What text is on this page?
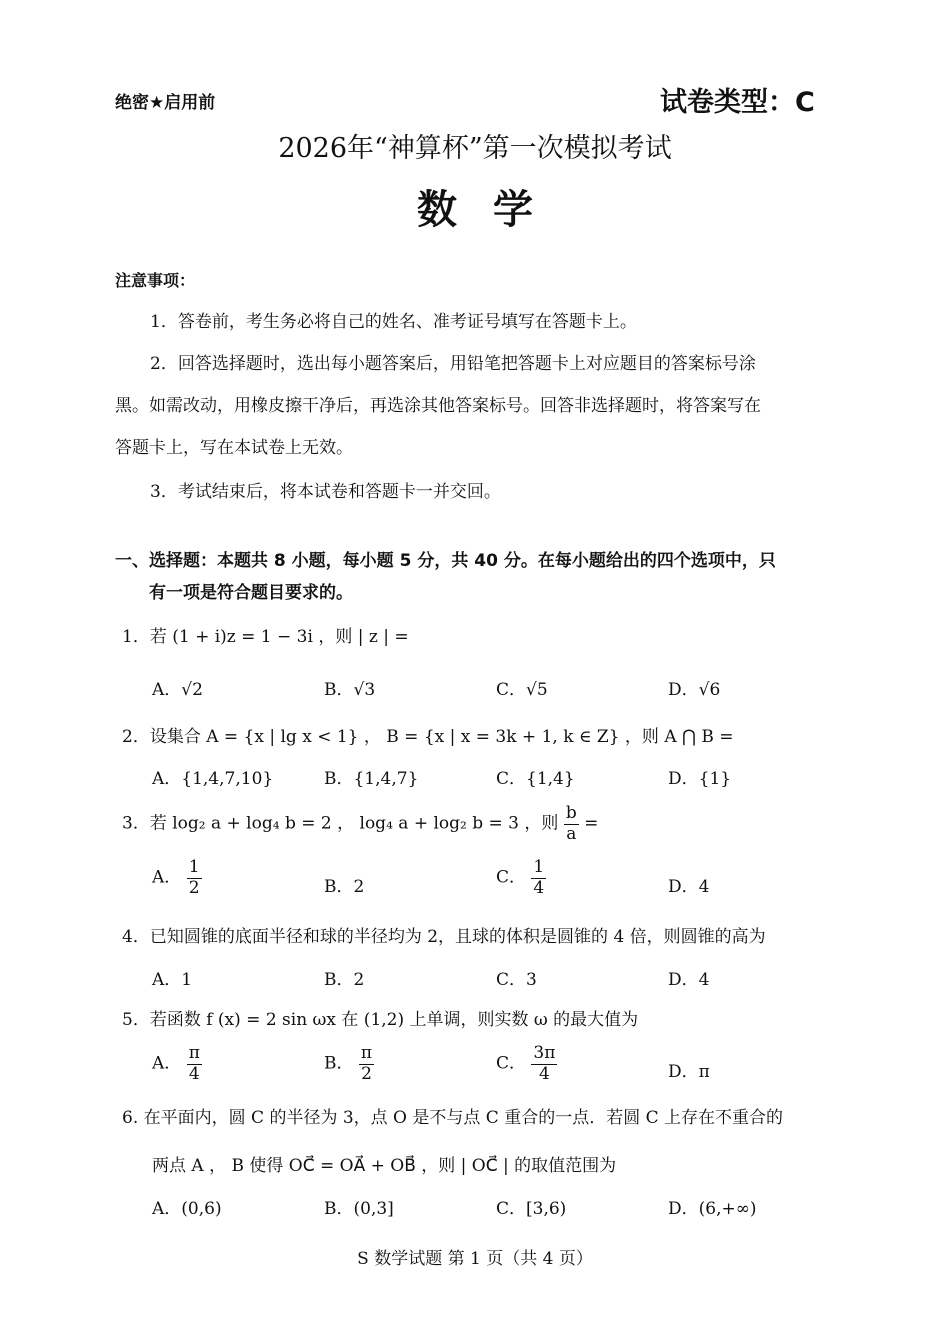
绝密★启用前	试卷类型：C
2026年“神算杯”第一次模拟考试
数学
注意事项：
1．答卷前，考生务必将自己的姓名、准考证号填写在答题卡上。
2．回答选择题时，选出每小题答案后，用铅笔把答题卡上对应题目的答案标号涂
黑。如需改动，用橡皮擦干净后，再选涂其他答案标号。回答非选择题时，将答案写在
答题卡上，写在本试卷上无效。
3．考试结束后，将本试卷和答题卡一并交回。
一、选择题：本题共 8 小题，每小题 5 分，共 40 分。在每小题给出的四个选项中，只
有一项是符合题目要求的。
1．若 (1 + i)z = 1 − 3i ，则 | z | =
A．√2	B．√3	C．√5	D．√6
2．设集合 A = {x | lg x < 1} ， B = {x | x = 3k + 1, k ∈ Z} ，则 A ⋂ B =
A．{1,4,7,10}	B．{1,4,7}	C．{1,4}	D．{1}
3．若 log₂ a + log₄ b = 2 ， log₄ a + log₂ b = 3 ，则 $\frac{b}{a}$ =
A． $\frac{1}{2}$	B．2	C． $\frac{1}{4}$	D．4
4．已知圆锥的底面半径和球的半径均为 2，且球的体积是圆锥的 4 倍，则圆锥的高为
A．1	B．2	C．3	D．4
5．若函数 f (x) = 2 sin ωx 在 (1,2) 上单调，则实数 ω 的最大值为
A． $\frac{\pi}{4}$	B． $\frac{\pi}{2}$	C． $\frac{3\pi}{4}$	D．π
6. 在平面内，圆 C 的半径为 3，点 O 是不与点 C 重合的一点．若圆 C 上存在不重合的
两点 A ， B 使得 OC⃗ = OA⃗ + OB⃗ ，则 | OC⃗ | 的取值范围为
A．(0,6)	B．(0,3]	C．[3,6)	D．(6,+∞)
S 数学试题 第 1 页（共 4 页）
